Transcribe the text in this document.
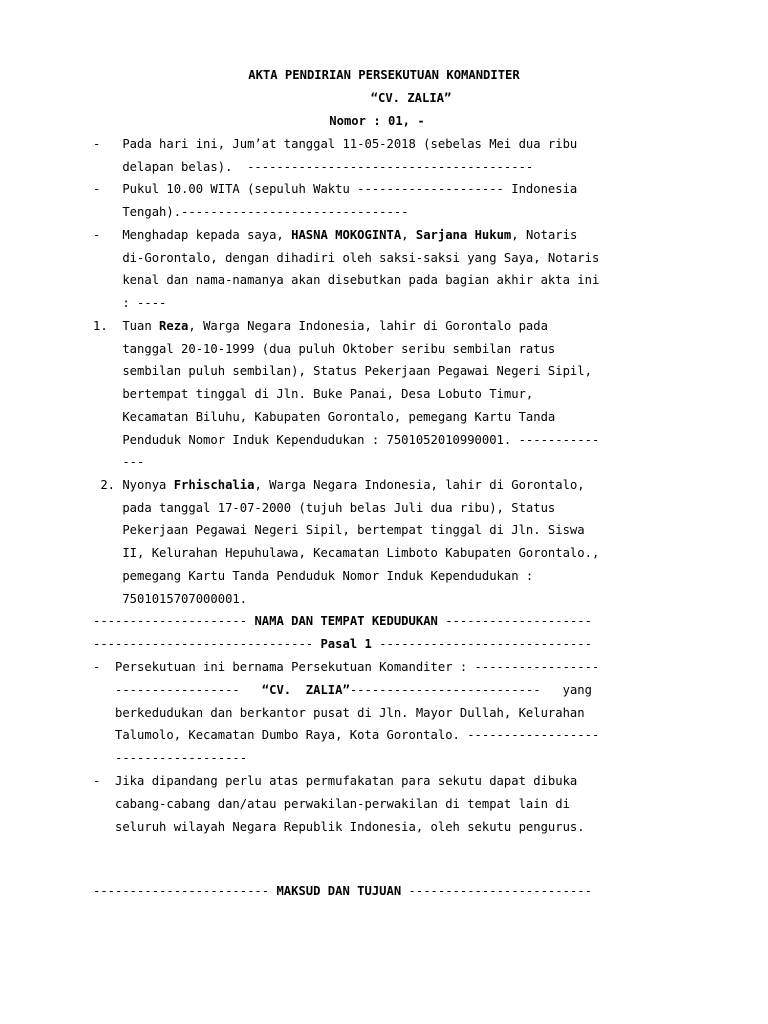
AKTA PENDIRIAN PERSEKUTUAN KOMANDITER
“CV. ZALIA”
Nomor : 01, -
-   Pada hari ini, Jum’at tanggal 11-05-2018 (sebelas Mei dua ribu
delapan belas).  ---------------------------------------
-   Pukul 10.00 WITA (sepuluh Waktu -------------------- Indonesia
Tengah).-------------------------------
-   Menghadap kepada saya, HASNA MOKOGINTA, Sarjana Hukum, Notaris
di-Gorontalo, dengan dihadiri oleh saksi-saksi yang Saya, Notaris
kenal dan nama-namanya akan disebutkan pada bagian akhir akta ini
: ----
1.  Tuan Reza, Warga Negara Indonesia, lahir di Gorontalo pada
tanggal 20-10-1999 (dua puluh Oktober seribu sembilan ratus
sembilan puluh sembilan), Status Pekerjaan Pegawai Negeri Sipil,
bertempat tinggal di Jln. Buke Panai, Desa Lobuto Timur,
Kecamatan Biluhu, Kabupaten Gorontalo, pemegang Kartu Tanda
Penduduk Nomor Induk Kependudukan : 7501052010990001. -----------
---
2. Nyonya Frhischalia, Warga Negara Indonesia, lahir di Gorontalo,
pada tanggal 17-07-2000 (tujuh belas Juli dua ribu), Status
Pekerjaan Pegawai Negeri Sipil, bertempat tinggal di Jln. Siswa
II, Kelurahan Hepuhulawa, Kecamatan Limboto Kabupaten Gorontalo.,
pemegang Kartu Tanda Penduduk Nomor Induk Kependudukan :
7501015707000001.
--------------------- NAMA DAN TEMPAT KEDUDUKAN --------------------
------------------------------ Pasal 1 -----------------------------
-  Persekutuan ini bernama Persekutuan Komanditer : -----------------
-----------------   “CV.  ZALIA”--------------------------   yang
berkedudukan dan berkantor pusat di Jln. Mayor Dullah, Kelurahan
Talumolo, Kecamatan Dumbo Raya, Kota Gorontalo. ------------------
------------------
-  Jika dipandang perlu atas permufakatan para sekutu dapat dibuka
cabang-cabang dan/atau perwakilan-perwakilan di tempat lain di
seluruh wilayah Negara Republik Indonesia, oleh sekutu pengurus.
------------------------ MAKSUD DAN TUJUAN -------------------------
